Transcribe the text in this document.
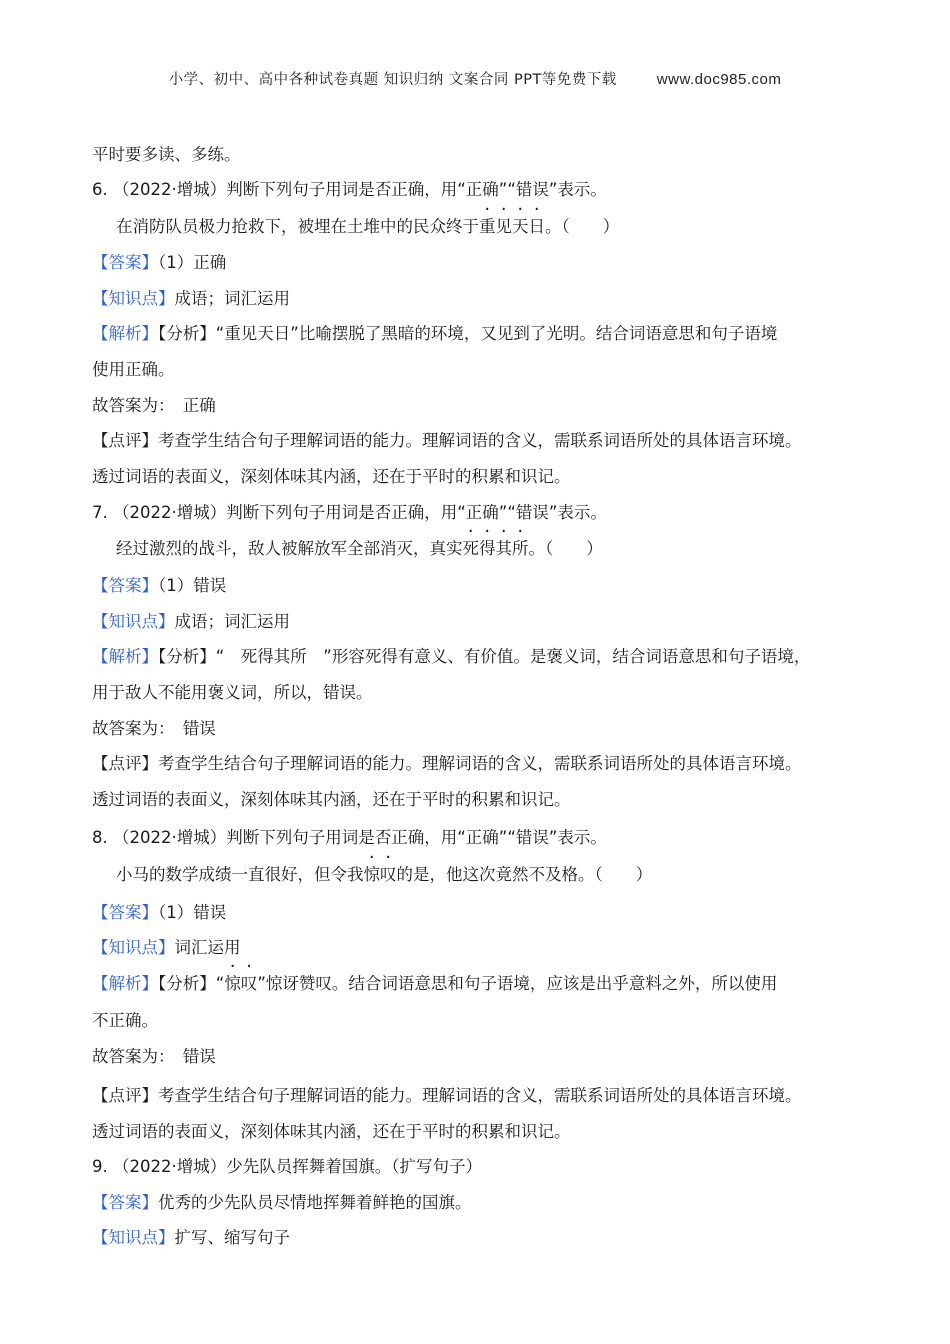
小学、初中、高中各种试卷真题 知识归纳 文案合同 PPT等免费下载	www.doc985.com
平时要多读、多练。
6. （2022·增城）判断下列句子用词是否正确，用“正确”“错误”表示。
在消防队员极力抢救下，被埋在土堆中的民众终于重见天日。（　　）
【答案】（1）正确
【知识点】成语；词汇运用
【解析】【分析】“重见天日”比喻摆脱了黑暗的环境，又见到了光明。结合词语意思和句子语境
使用正确。
故答案为：　正确
【点评】考查学生结合句子理解词语的能力。理解词语的含义，需联系词语所处的具体语言环境。
透过词语的表面义，深刻体味其内涵，还在于平时的积累和识记。
7. （2022·增城）判断下列句子用词是否正确，用“正确”“错误”表示。
经过激烈的战斗，敌人被解放军全部消灭，真实死得其所。（　　）
【答案】（1）错误
【知识点】成语；词汇运用
【解析】【分析】“　死得其所　”形容死得有意义、有价值。是褒义词，结合词语意思和句子语境，
用于敌人不能用褒义词，所以，错误。
故答案为：　错误
【点评】考查学生结合句子理解词语的能力。理解词语的含义，需联系词语所处的具体语言环境。
透过词语的表面义，深刻体味其内涵，还在于平时的积累和识记。
8. （2022·增城）判断下列句子用词是否正确，用“正确”“错误”表示。
小马的数学成绩一直很好，但令我惊叹的是，他这次竟然不及格。（　　）
【答案】（1）错误
【知识点】词汇运用
【解析】【分析】“惊叹”惊讶赞叹。结合词语意思和句子语境，应该是出乎意料之外，所以使用
不正确。
故答案为：　错误
【点评】考查学生结合句子理解词语的能力。理解词语的含义，需联系词语所处的具体语言环境。
透过词语的表面义，深刻体味其内涵，还在于平时的积累和识记。
9. （2022·增城）少先队员挥舞着国旗。（扩写句子）
【答案】优秀的少先队员尽情地挥舞着鲜艳的国旗。
【知识点】扩写、缩写句子
